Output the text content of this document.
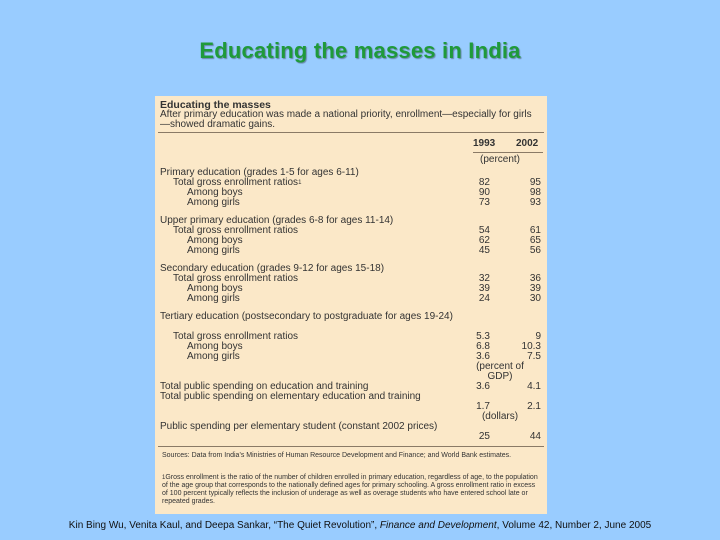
Educating the masses in India
Educating the masses
After primary education was made a national priority, enrollment—especially for girls—showed dramatic gains.
1993 2002
(percent)
Primary education (grades 1-5 for ages 6-11)
Total gross enrollment ratios$^1$	82	95
Among boys	90	98
Among girls	73	93
Upper primary education (grades 6-8 for ages 11-14)
Total gross enrollment ratios	54	61
Among boys	62	65
Among girls	45	56
Secondary education (grades 9-12 for ages 15-18)
Total gross enrollment ratios	32	36
Among boys	39	39
Among girls	24	30
Tertiary education (postsecondary to postgraduate for ages 19-24)
Total gross enrollment ratios	5.3	9
Among boys	6.8	10.3
Among girls	3.6	7.5
(percent of GDP)
Total public spending on education and training	3.6	4.1
Total public spending on elementary education and training
1.7	2.1
(dollars)
Public spending per elementary student (constant 2002 prices)
25	44
Sources: Data from India’s Ministries of Human Resource Development and Finance; and World Bank estimates.
1Gross enrollment is the ratio of the number of children enrolled in primary education, regardless of age, to the population of the age group that corresponds to the nationally defined ages for primary schooling. A gross enrollment ratio in excess of 100 percent typically reflects the inclusion of underage as well as overage students who have entered school late or repeated grades.
Kin Bing Wu, Venita Kaul, and Deepa Sankar, “The Quiet Revolution”, Finance and Development, Volume 42, Number 2, June 2005
